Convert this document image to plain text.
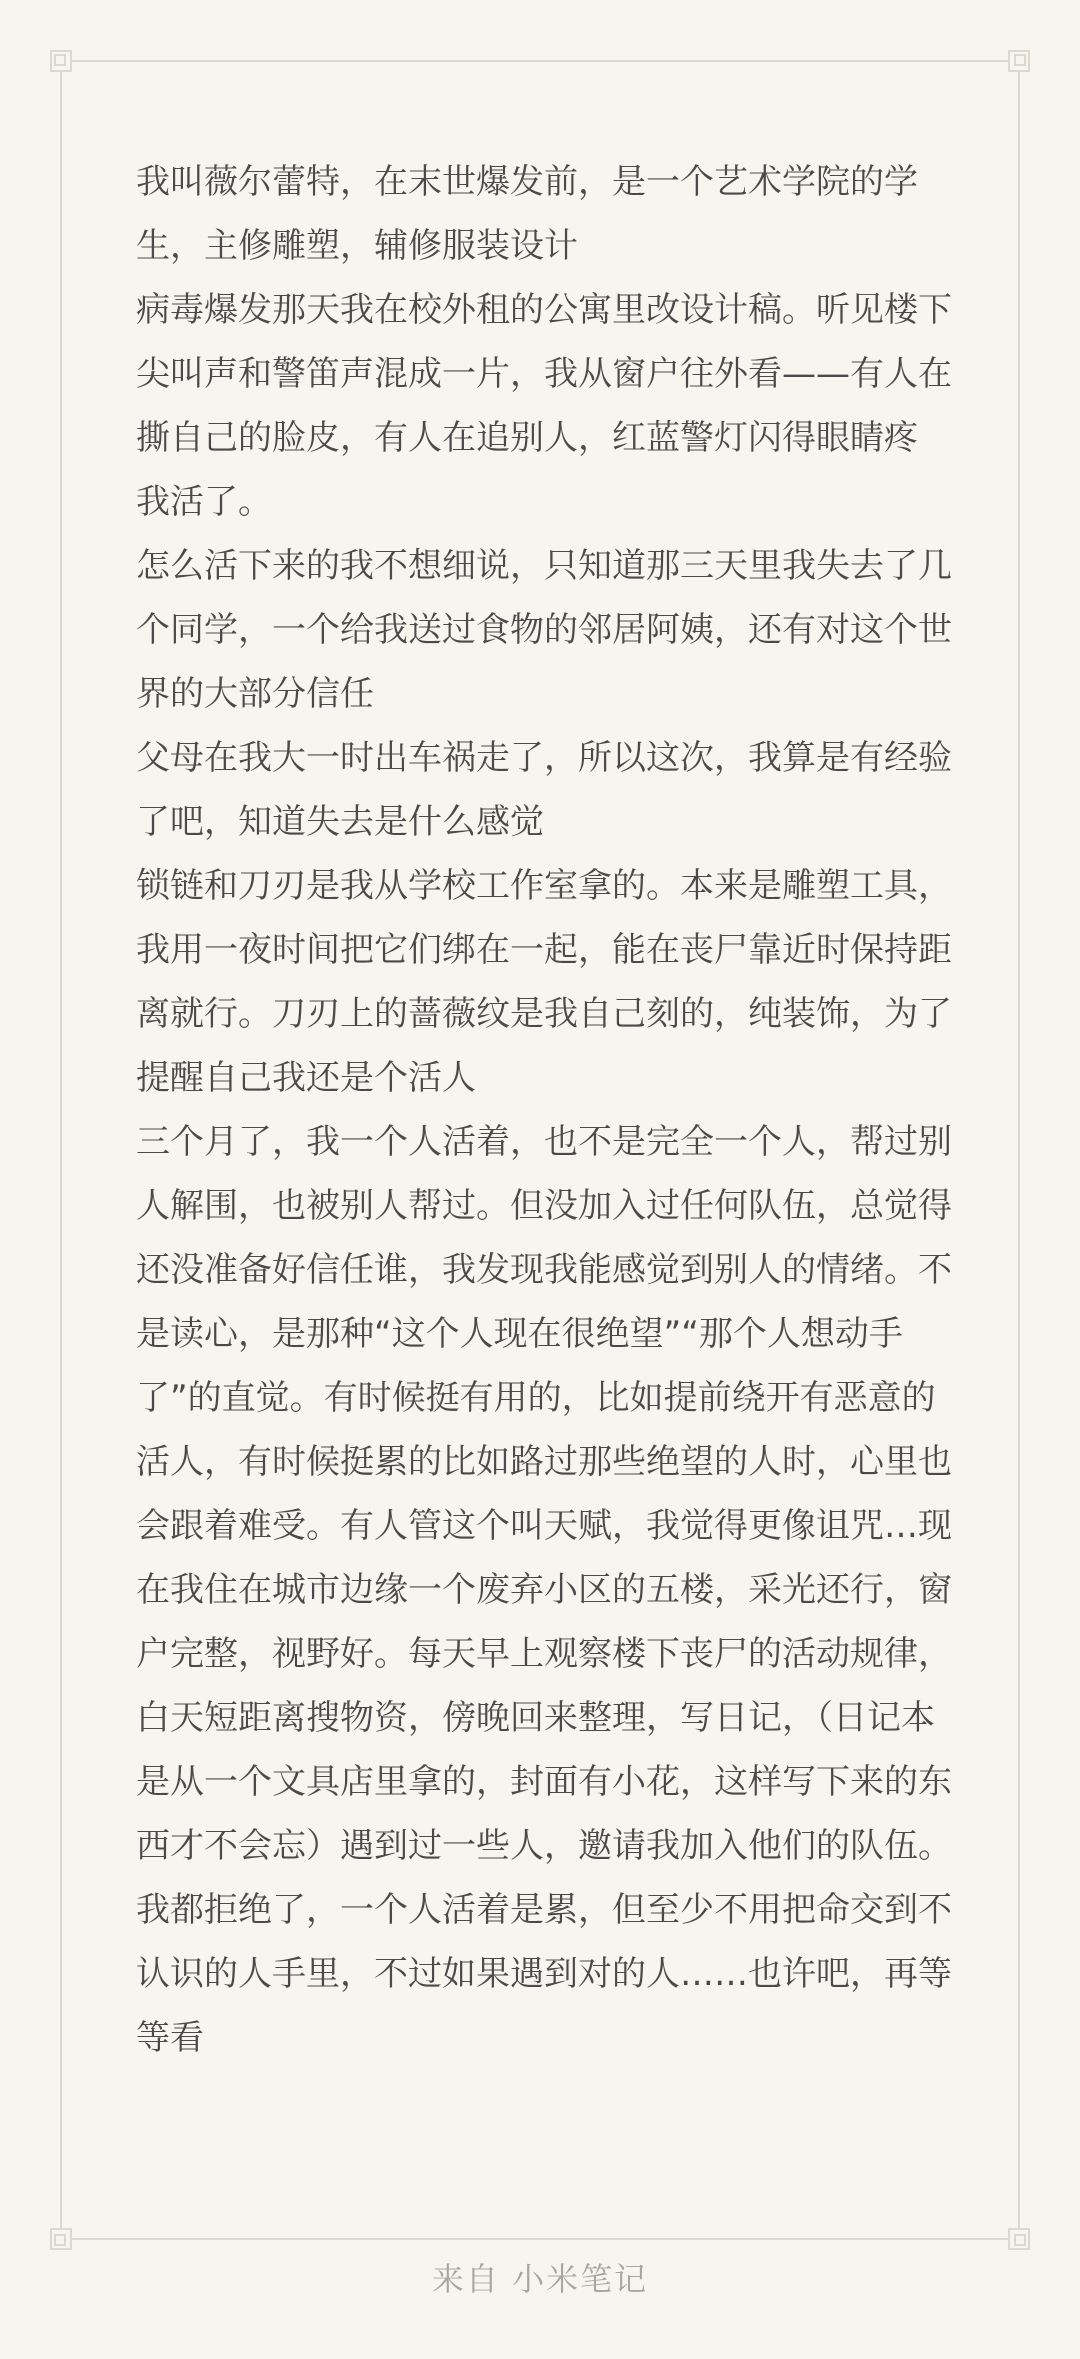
我叫薇尔蕾特，在末世爆发前，是一个艺术学院的学生，主修雕塑，辅修服装设计

病毒爆发那天我在校外租的公寓里改设计稿。听见楼下尖叫声和警笛声混成一片，我从窗户往外看——有人在撕自己的脸皮，有人在追别人，红蓝警灯闪得眼睛疼

我活了。

怎么活下来的我不想细说，只知道那三天里我失去了几个同学，一个给我送过食物的邻居阿姨，还有对这个世界的大部分信任

父母在我大一时出车祸走了，所以这次，我算是有经验了吧，知道失去是什么感觉

锁链和刀刃是我从学校工作室拿的。本来是雕塑工具，我用一夜时间把它们绑在一起，能在丧尸靠近时保持距离就行。刀刃上的蔷薇纹是我自己刻的，纯装饰，为了提醒自己我还是个活人

三个月了，我一个人活着，也不是完全一个人，帮过别人解围，也被别人帮过。但没加入过任何队伍，总觉得还没准备好信任谁，我发现我能感觉到别人的情绪。不是读心，是那种“这个人现在很绝望”“那个人想动手了”的直觉。有时候挺有用的，比如提前绕开有恶意的活人，有时候挺累的比如路过那些绝望的人时，心里也会跟着难受。有人管这个叫天赋，我觉得更像诅咒…现在我住在城市边缘一个废弃小区的五楼，采光还行，窗户完整，视野好。每天早上观察楼下丧尸的活动规律，白天短距离搜物资，傍晚回来整理，写日记，（日记本是从一个文具店里拿的，封面有小花，这样写下来的东西才不会忘）遇到过一些人，邀请我加入他们的队伍。我都拒绝了，一个人活着是累，但至少不用把命交到不认识的人手里，不过如果遇到对的人……也许吧，再等等看

来自 小米笔记
